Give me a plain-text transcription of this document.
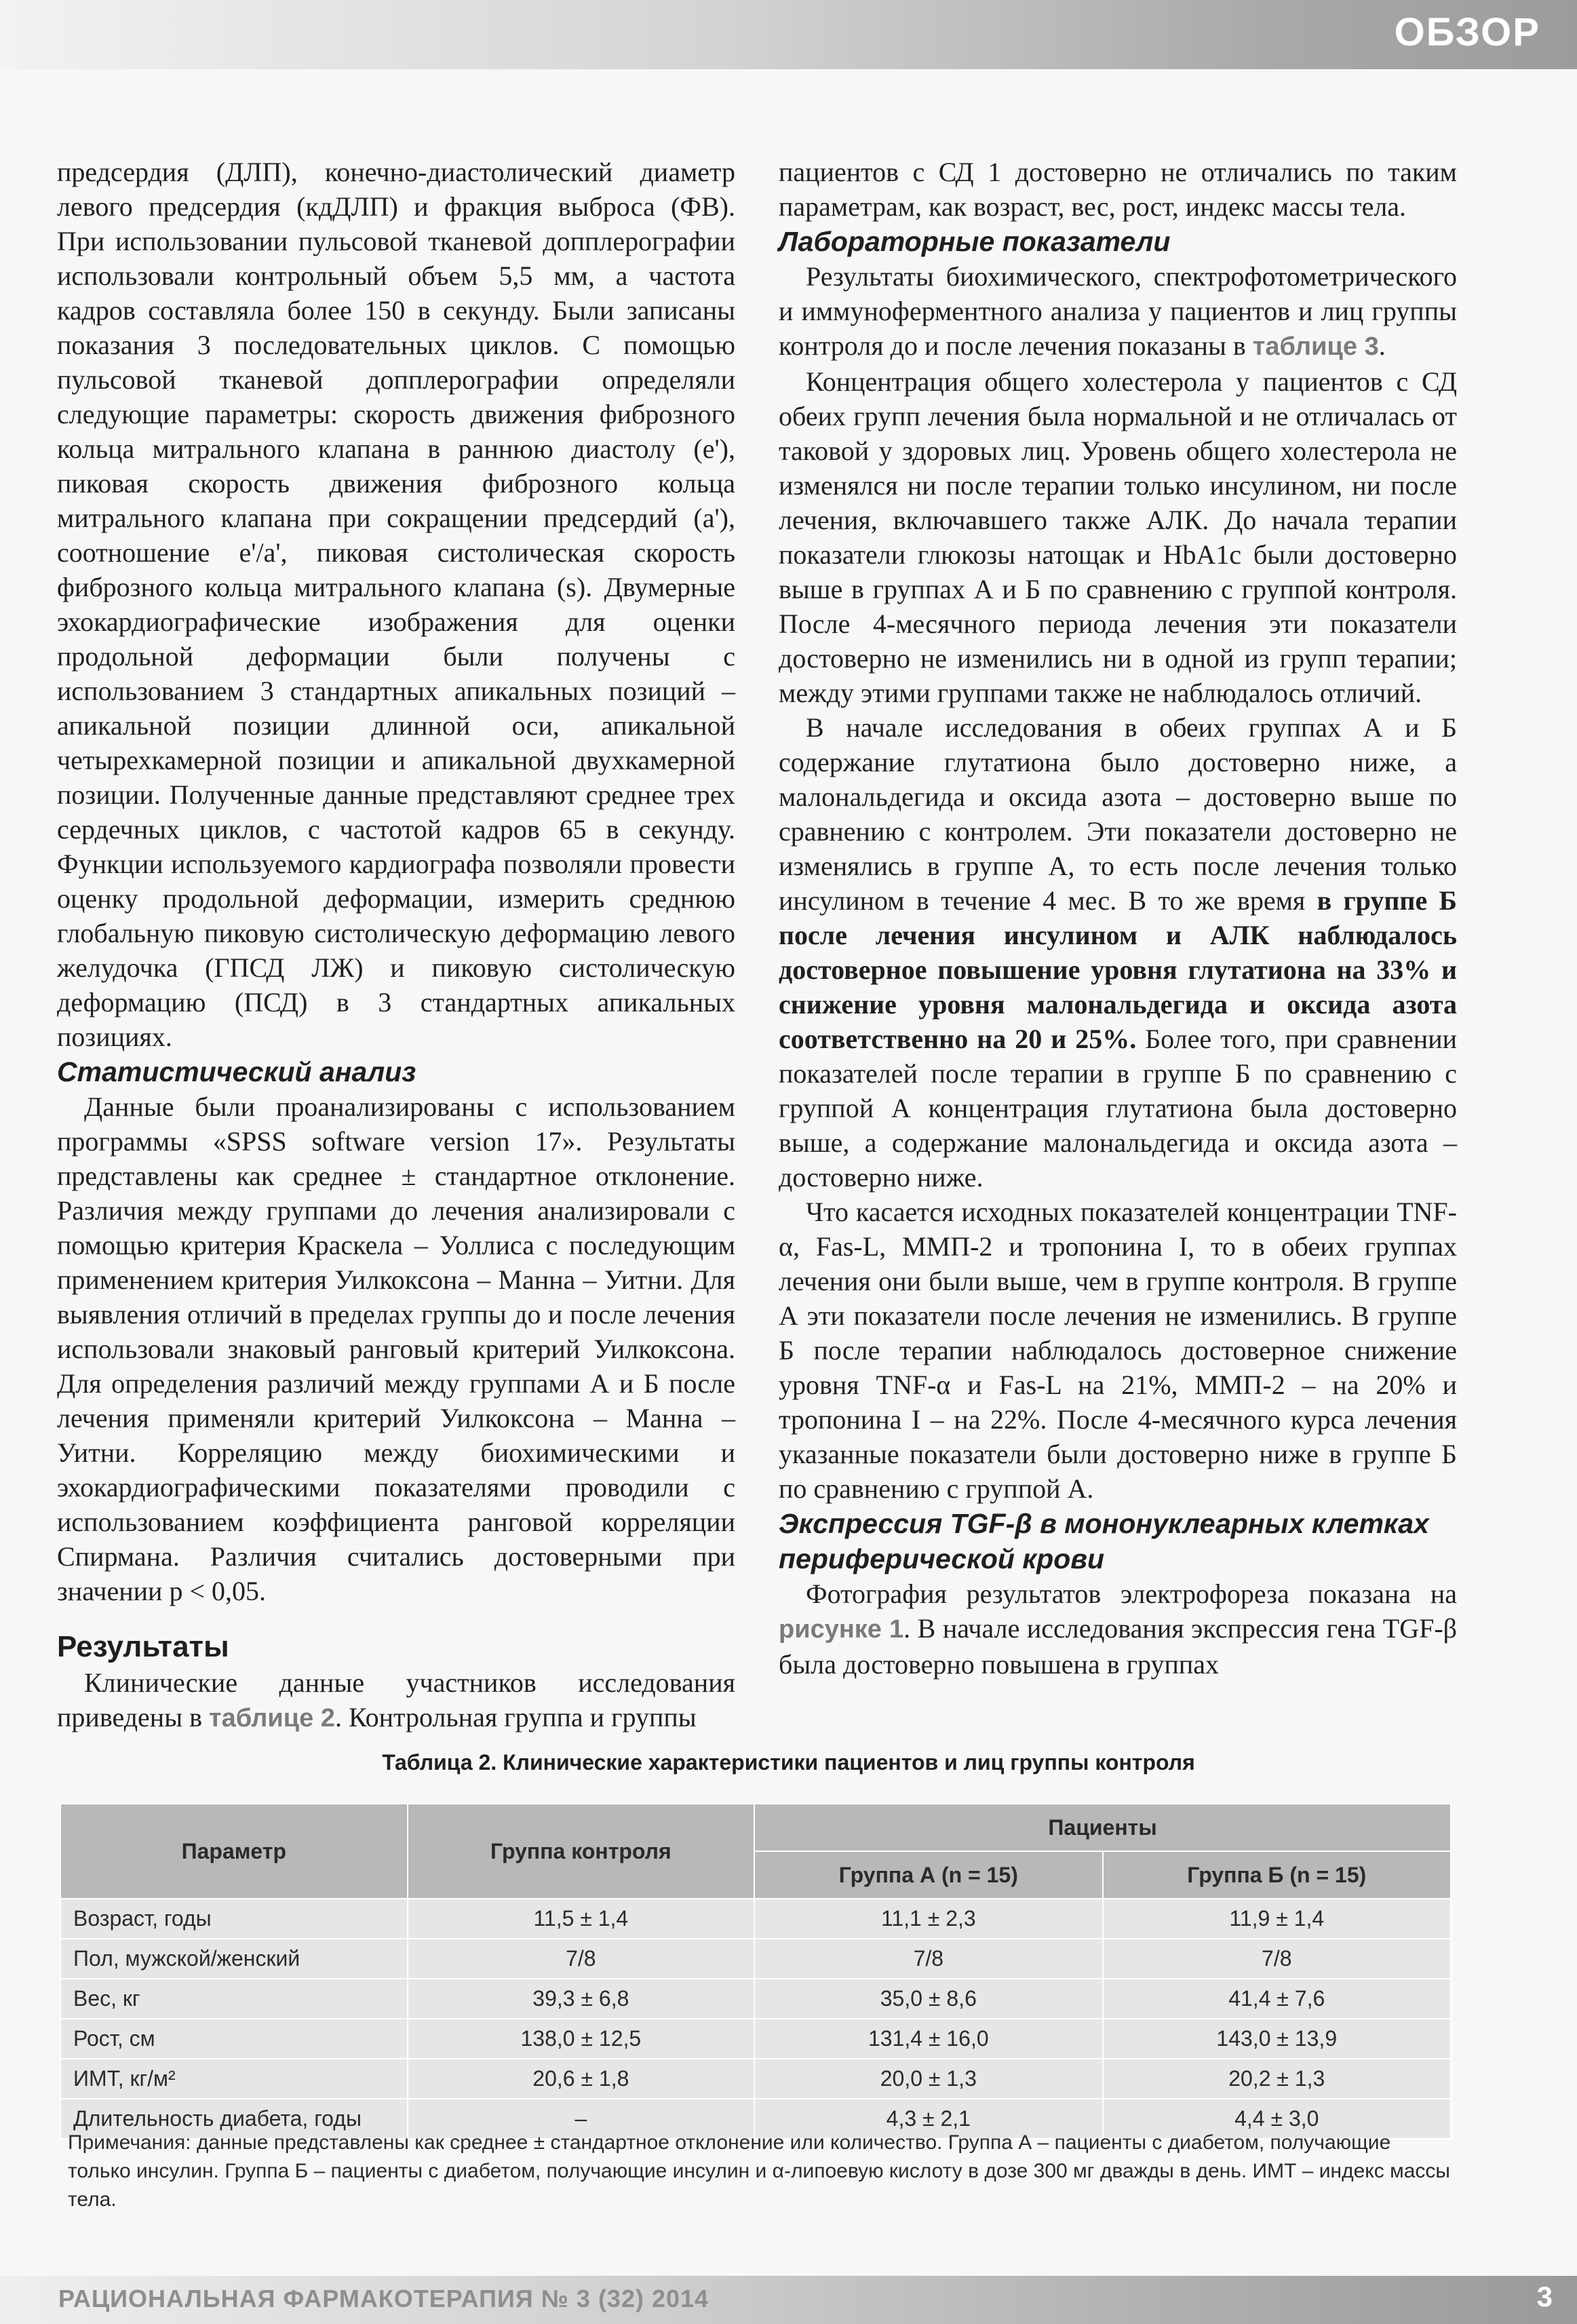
ОБЗОР

предсердия (ДЛП), конечно-диастолический диаметр левого предсердия (кдДЛП) и фракция выброса (ФВ). При использовании пульсовой тканевой допплерографии использовали контрольный объем 5,5 мм, а частота кадров составляла более 150 в секунду. Были записаны показания 3 последовательных циклов. С помощью пульсовой тканевой допплерографии определяли следующие параметры: скорость движения фиброзного кольца митрального клапана в раннюю диастолу (e'), пиковая скорость движения фиброзного кольца митрального клапана при сокращении предсердий (a'), соотношение e'/a', пиковая систолическая скорость фиброзного кольца митрального клапана (s). Двумерные эхокардиографические изображения для оценки продольной деформации были получены с использованием 3 стандартных апикальных позиций – апикальной позиции длинной оси, апикальной четырехкамерной позиции и апикальной двухкамерной позиции. Полученные данные представляют среднее трех сердечных циклов, с частотой кадров 65 в секунду. Функции используемого кардиографа позволяли провести оценку продольной деформации, измерить среднюю глобальную пиковую систолическую деформацию левого желудочка (ГПСД ЛЖ) и пиковую систолическую деформацию (ПСД) в 3 стандартных апикальных позициях.

Статистический анализ

Данные были проанализированы с использованием программы «SPSS software version 17». Результаты представлены как среднее ± стандартное отклонение. Различия между группами до лечения анализировали с помощью критерия Краскела – Уоллиса с последующим применением критерия Уилкоксона – Манна – Уитни. Для выявления отличий в пределах группы до и после лечения использовали знаковый ранговый критерий Уилкоксона. Для определения различий между группами А и Б после лечения применяли критерий Уилкоксона – Манна – Уитни. Корреляцию между биохимическими и эхокардиографическими показателями проводили с использованием коэффициента ранговой корреляции Спирмана. Различия считались достоверными при значении p < 0,05.

Результаты

Клинические данные участников исследования приведены в таблице 2. Контрольная группа и группы

пациентов с СД 1 достоверно не отличались по таким параметрам, как возраст, вес, рост, индекс массы тела.

Лабораторные показатели

Результаты биохимического, спектрофотометрического и иммуноферментного анализа у пациентов и лиц группы контроля до и после лечения показаны в таблице 3.

Концентрация общего холестерола у пациентов с СД обеих групп лечения была нормальной и не отличалась от таковой у здоровых лиц. Уровень общего холестерола не изменялся ни после терапии только инсулином, ни после лечения, включавшего также АЛК. До начала терапии показатели глюкозы натощак и HbA1c были достоверно выше в группах А и Б по сравнению с группой контроля. После 4-месячного периода лечения эти показатели достоверно не изменились ни в одной из групп терапии; между этими группами также не наблюдалось отличий.

В начале исследования в обеих группах А и Б содержание глутатиона было достоверно ниже, а малональдегида и оксида азота – достоверно выше по сравнению с контролем. Эти показатели достоверно не изменялись в группе А, то есть после лечения только инсулином в течение 4 мес. В то же время в группе Б после лечения инсулином и АЛК наблюдалось достоверное повышение уровня глутатиона на 33% и снижение уровня малональдегида и оксида азота соответственно на 20 и 25%. Более того, при сравнении показателей после терапии в группе Б по сравнению с группой А концентрация глутатиона была достоверно выше, а содержание малональдегида и оксида азота – достоверно ниже.

Что касается исходных показателей концентрации TNF-α, Fas-L, ММП-2 и тропонина I, то в обеих группах лечения они были выше, чем в группе контроля. В группе А эти показатели после лечения не изменились. В группе Б после терапии наблюдалось достоверное снижение уровня TNF-α и Fas-L на 21%, ММП-2 – на 20% и тропонина I – на 22%. После 4-месячного курса лечения указанные показатели были достоверно ниже в группе Б по сравнению с группой А.

Экспрессия TGF-β в мононуклеарных клетках периферической крови

Фотография результатов электрофореза показана на рисунке 1. В начале исследования экспрессия гена TGF-β была достоверно повышена в группах

Таблица 2. Клинические характеристики пациентов и лиц группы контроля
Параметр	Группа контроля	Пациенты	
		Группа А (n = 15)	Группа Б (n = 15)
Возраст, годы	11,5 ± 1,4	11,1 ± 2,3	11,9 ± 1,4
Пол, мужской/женский	7/8	7/8	7/8
Вес, кг	39,3 ± 6,8	35,0 ± 8,6	41,4 ± 7,6
Рост, см	138,0 ± 12,5	131,4 ± 16,0	143,0 ± 13,9
ИМТ, кг/м²	20,6 ± 1,8	20,0 ± 1,3	20,2 ± 1,3
Длительность диабета, годы	–	4,3 ± 2,1	4,4 ± 3,0
Примечания: данные представлены как среднее ± стандартное отклонение или количество. Группа А – пациенты с диабетом, получающие только инсулин. Группа Б – пациенты с диабетом, получающие инсулин и α-липоевую кислоту в дозе 300 мг дважды в день. ИМТ – индекс массы тела.
РАЦИОНАЛЬНАЯ ФАРМАКОТЕРАПИЯ № 3 (32) 2014	3
